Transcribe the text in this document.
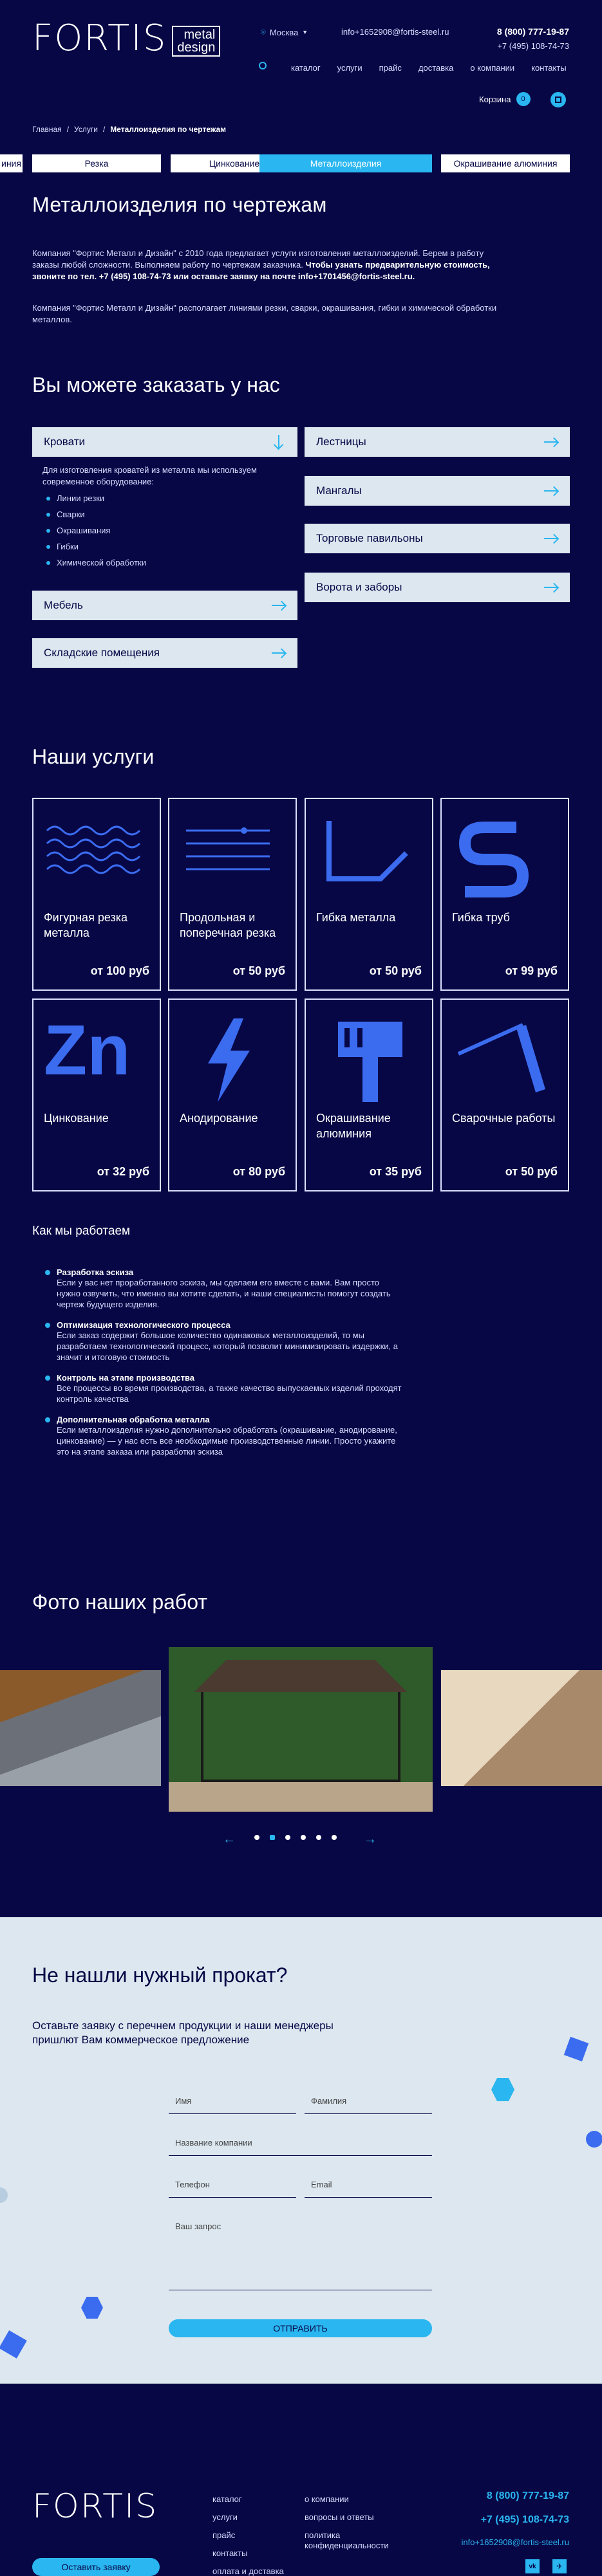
FORTIS	metal
design
⌾ Москва ▼	info+1652908@fortis-steel.ru	8 (800) 777-19-87
+7 (495) 108-74-73
каталог услуги прайс доставка о компании контакты
Корзина	0
Главная / Услуги / Металлоизделия по чертежам
иния	Резка	Цинкование	Металлоизделия	Окрашивание алюминия
Металлоизделия по чертежам

Компания "Фортис Металл и Дизайн" с 2010 года предлагает услуги изготовления металлоизделий. Берем в работу заказы любой сложности. Выполняем работу по чертежам заказчика. Чтобы узнать предварительную стоимость, звоните по тел. +7 (495) 108-74-73 или оставьте заявку на почте info+1701456@fortis-steel.ru.

Компания "Фортис Металл и Дизайн" располагает линиями резки, сварки, окрашивания, гибки и химической обработки металлов.

Вы можете заказать у нас
Кровати

Для изготовления кроватей из металла мы используем современное оборудование:

Линии резки
Сварки
Окрашивания
Гибки
Химической обработки
Мебель
Складские помещения
Лестницы
Мангалы
Торговые павильоны
Ворота и заборы
Наши услуги
Фигурная резка металла
от 100 руб
Продольная и поперечная резка
от 50 руб
Гибка металла
от 50 руб
Гибка труб
от 99 руб
Zn
Цинкование
от 32 руб
Анодирование
от 80 руб
Окрашивание алюминия
от 35 руб
Сварочные работы
от 50 руб
Как мы работаем
Разработка эскиза
Если у вас нет проработанного эскиза, мы сделаем его вместе с вами. Вам просто нужно озвучить, что именно вы хотите сделать, и наши специалисты помогут создать чертеж будущего изделия.
Оптимизация технологического процесса
Если заказ содержит большое количество одинаковых металлоизделий, то мы разработаем технологический процесс, который позволит минимизировать издержки, а значит и итоговую стоимость
Контроль на этапе производства
Все процессы во время производства, а также качество выпускаемых изделий проходят контроль качества
Дополнительная обработка металла
Если металлоизделия нужно дополнительно обработать (окрашивание, анодирование, цинкование) — у нас есть все необходимые производственные линии. Просто укажите это на этапе заказа или разработки эскиза
Фото наших работ
←	→
Не нашли нужный прокат?

Оставьте заявку с перечнем продукции и наши менеджеры пришлют Вам коммерческое предложение

Имя	Фамилия
Название компании
Телефон	Email
Ваш запрос
ОТПРАВИТЬ
FORTIS	каталог
услуги
прайс
контакты
оплата и доставка
о компании
вопросы и ответы
политика конфиденциальности
8 (800) 777-19-87
+7 (495) 108-74-73
info+1652908@fortis-steel.ru
Оставить заявку	vk	✈
